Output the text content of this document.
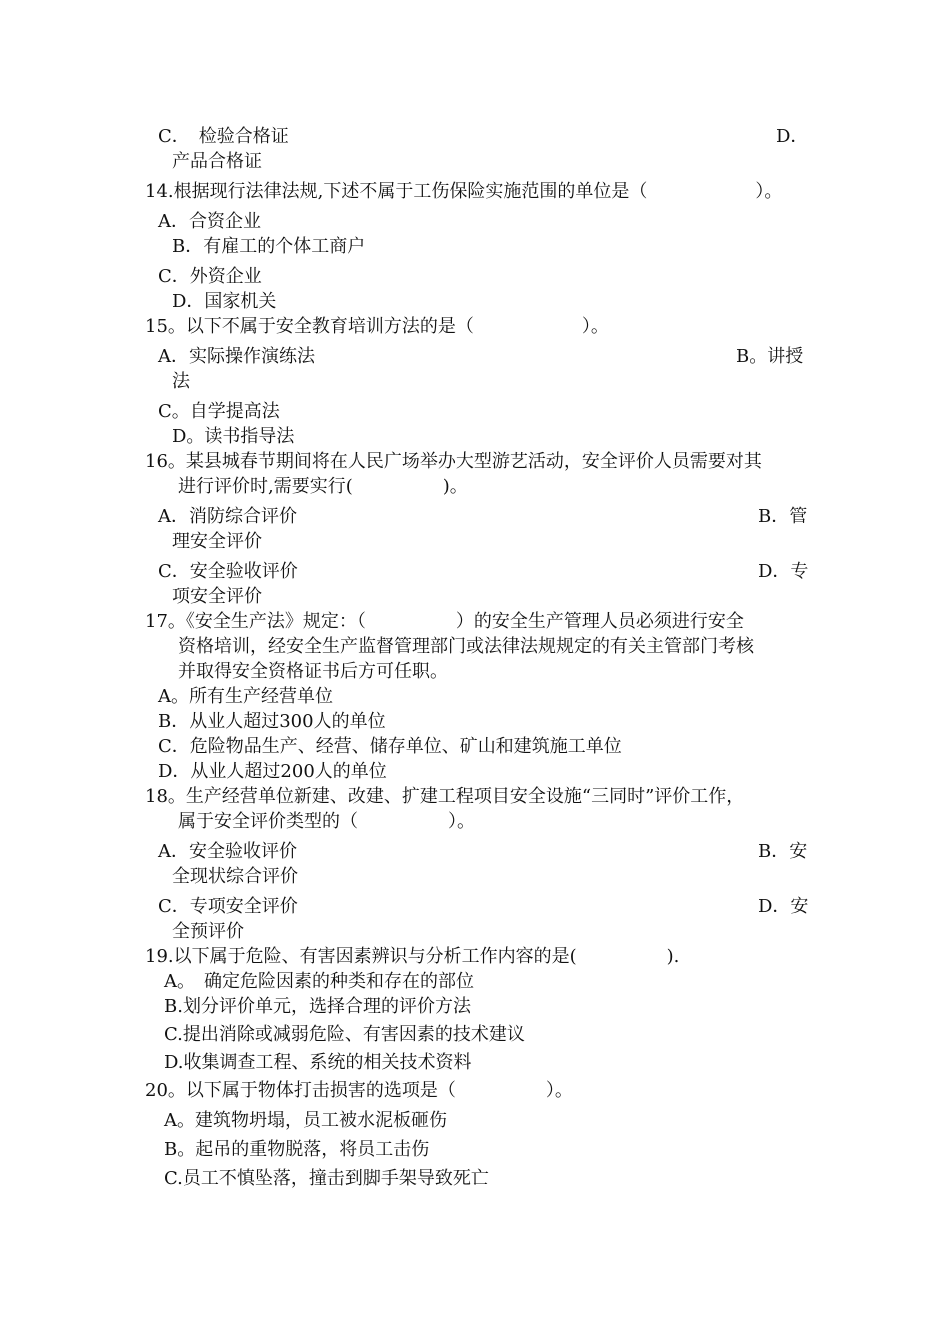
C．　检验合格证	D．
产品合格证
14.根据现行法律法规,下述不属于工伤保险实施范围的单位是（　　　　　　）。
A．合资企业
B．有雇工的个体工商户
C．外资企业
D．国家机关
15。以下不属于安全教育培训方法的是（　　　　　　）。
A．实际操作演练法	B。讲授
法
C。自学提高法
D。读书指导法
16。某县城春节期间将在人民广场举办大型游艺活动，安全评价人员需要对其
进行评价时,需要实行(　　　　　)。
A．消防综合评价	B．管
理安全评价
C．安全验收评价	D．专
项安全评价
17。《安全生产法》规定：（　　　　　）的安全生产管理人员必须进行安全
资格培训，经安全生产监督管理部门或法律法规规定的有关主管部门考核
并取得安全资格证书后方可任职。
A。所有生产经营单位
B．从业人超过300人的单位
C．危险物品生产、经营、储存单位、矿山和建筑施工单位
D．从业人超过200人的单位
18。生产经营单位新建、改建、扩建工程项目安全设施“三同时”评价工作，
属于安全评价类型的（　　　　　）。
A．安全验收评价	B．安
全现状综合评价
C．专项安全评价	D．安
全预评价
19.以下属于危险、有害因素辨识与分析工作内容的是(　　　　　).
A。　确定危险因素的种类和存在的部位
B.划分评价单元，选择合理的评价方法
C.提出消除或减弱危险、有害因素的技术建议
D.收集调查工程、系统的相关技术资料
20。以下属于物体打击损害的选项是（　　　　　）。
A。建筑物坍塌，员工被水泥板砸伤
B。起吊的重物脱落，将员工击伤
C.员工不慎坠落，撞击到脚手架导致死亡
